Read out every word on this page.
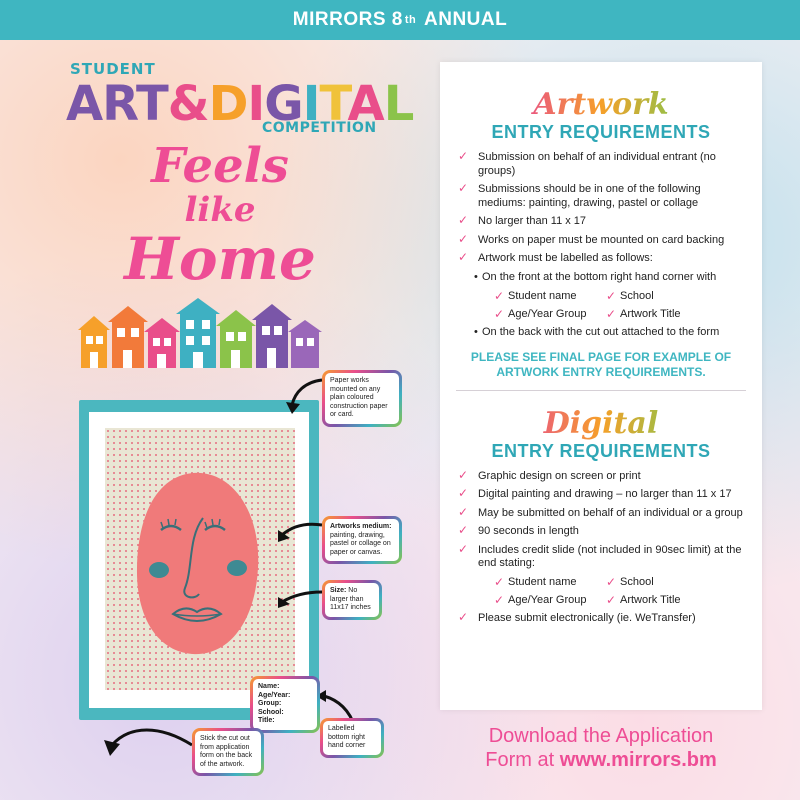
MIRRORS 8 th
ANNUAL
STUDENT
ART&DIGITAL
COMPETITION
Feels
like
Home
Paper works mounted on any plain coloured construction paper or card.
Artworks medium: painting, drawing, pastel or collage on paper or canvas.
Size: No larger than 11x17 inches
Name:
Age/Year:
Group:
School:
Title:
Labelled bottom right hand corner
Stick the cut out from application form on the back of the artwork.
Artwork
ENTRY REQUIREMENTS
✓ Submission on behalf of an individual entrant (no groups)
✓ Submissions should be in one of the following mediums: painting, drawing, pastel or collage
✓ No larger than 11 x 17
✓ Works on paper must be mounted on card backing
✓ Artwork must be labelled as follows:
• On the front at the bottom right hand corner with
✓ Student name	✓ School
✓ Age/Year Group	✓ Artwork Title
• On the back with the cut out attached to the form
PLEASE SEE FINAL PAGE FOR EXAMPLE OF ARTWORK ENTRY REQUIREMENTS.
Digital
ENTRY REQUIREMENTS
✓ Graphic design on screen or print
✓ Digital painting and drawing – no larger than 11 x 17
✓ May be submitted on behalf of an individual or a group
✓ 90 seconds in length
✓ Includes credit slide (not included in 90sec limit) at the end stating:
✓ Student name	✓ School
✓ Age/Year Group	✓ Artwork Title
✓ Please submit electronically (ie. WeTransfer)
Download the Application
Form at www.mirrors.bm
